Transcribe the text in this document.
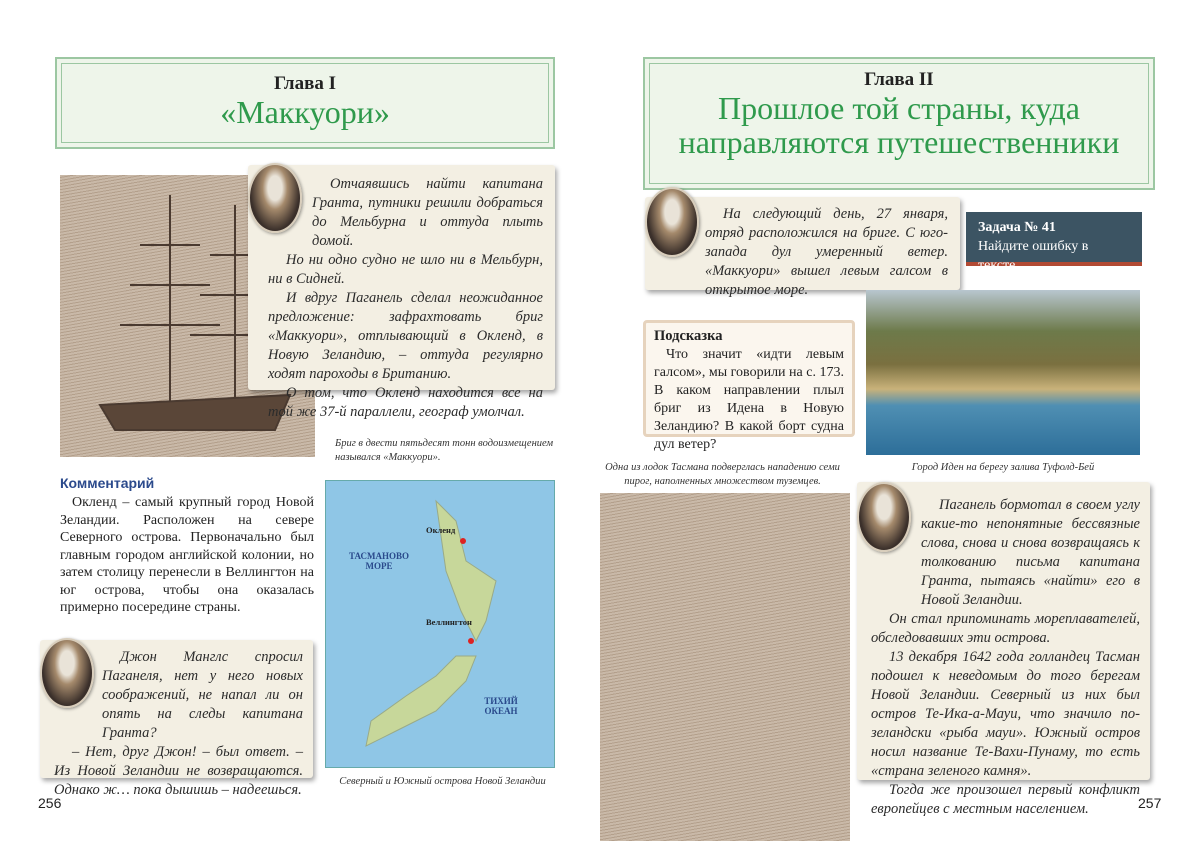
Глава I
«Маккуори»

Отчаявшись найти капитана Гранта, путники решили добраться до Мельбурна и оттуда плыть домой.

Но ни одно судно не шло ни в Мельбурн, ни в Сидней.

И вдруг Паганель сделал неожиданное предложение: зафрахтовать бриг «Маккуори», отплывающий в Окленд, в Новую Зеландию, – оттуда регулярно ходят пароходы в Британию.

О том, что Окленд находится все на той же 37-й параллели, географ умолчал.

Бриг в двести пятьдесят тонн водоизмещением назывался «Маккуори».
Комментарий
Окленд – самый крупный город Новой Зеландии. Расположен на севере Северного острова. Первоначально был главным городом английской колонии, но затем столицу перенесли в Веллингтон на юг острова, чтобы она оказалась примерно посередине страны.
Окленд
Веллингтон
ТАСМАНОВО МОРЕ
ТИХИЙ ОКЕАН
Северный и Южный острова Новой Зеландии

Джон Манглс спросил Паганеля, нет у него новых соображений, не напал ли он опять на следы капитана Гранта?

– Нет, друг Джон! – был ответ. – Из Новой Зеландии не возвращаются. Однако ж… пока дышишь – надеешься.

256
Глава II
Прошлое той страны, куда
направляются путешественники

На следующий день, 27 января, отряд расположился на бриге. С юго-запада дул умеренный ветер. «Маккуори» вышел левым галсом в открытое море.

Задача № 41
Найдите ошибку в тексте.
Город Иден на берегу залива Туфолд-Бей
Подсказка
Что значит «идти левым галсом», мы говорили на с. 173. В каком направлении плыл бриг из Идена в Новую Зеландию? В какой борт судна дул ветер?
Одна из лодок Тасмана подверглась нападению семи пирог, наполненных множеством туземцев.

Паганель бормотал в своем углу какие-то непонятные бессвязные слова, снова и снова возвращаясь к толкованию письма капитана Гранта, пытаясь «найти» его в Новой Зеландии.

Он стал припоминать мореплавателей, обследовавших эти острова.

13 декабря 1642 года голландец Тасман подошел к неведомым до того берегам Новой Зеландии. Северный из них был остров Те-Ика-а-Мауи, что значило по-зеландски «рыба мауи». Южный остров носил название Те-Вахи-Пунаму, то есть «страна зеленого камня».

Тогда же произошел первый конфликт европейцев с местным населением.	257
